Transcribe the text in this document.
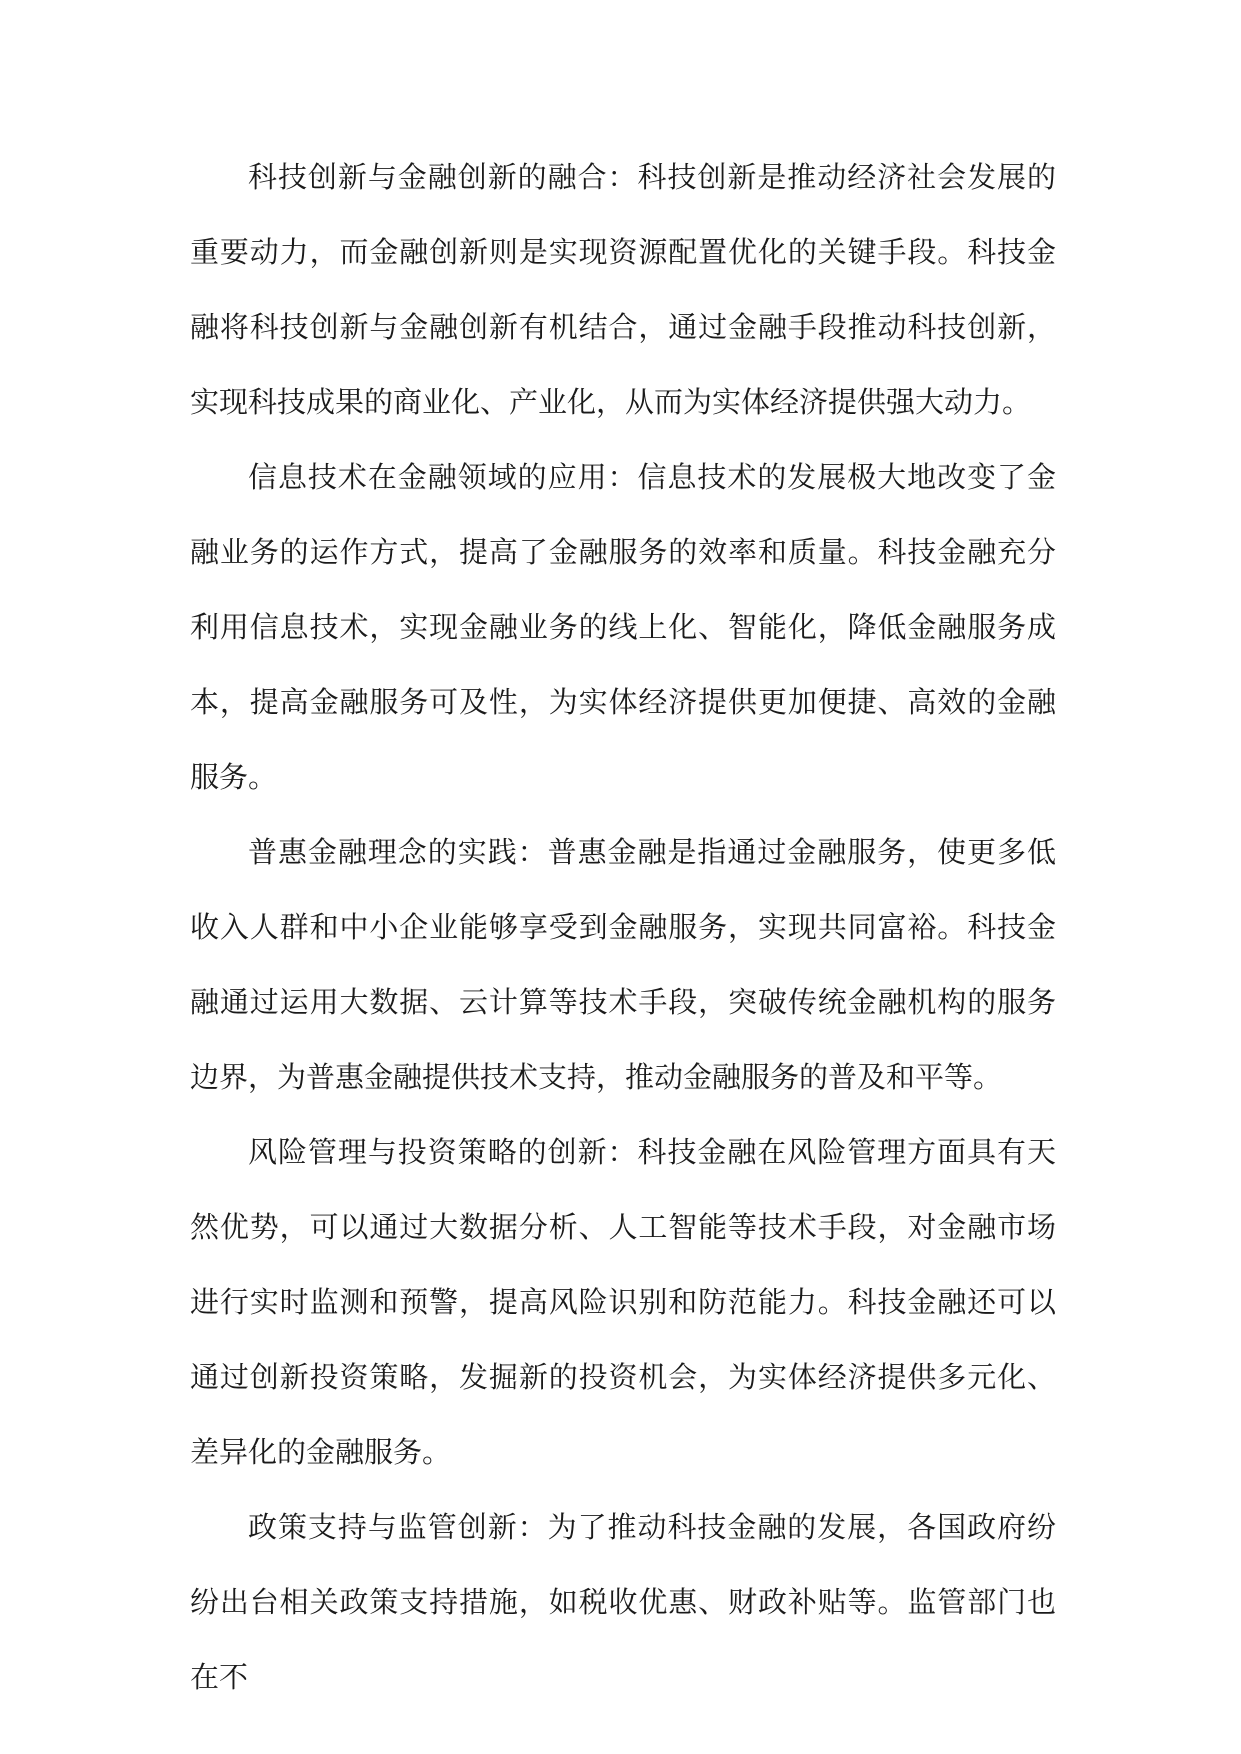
科技创新与金融创新的融合：科技创新是推动经济社会发展的重要动力，而金融创新则是实现资源配置优化的关键手段。科技金融将科技创新与金融创新有机结合，通过金融手段推动科技创新，实现科技成果的商业化、产业化，从而为实体经济提供强大动力。

信息技术在金融领域的应用：信息技术的发展极大地改变了金融业务的运作方式，提高了金融服务的效率和质量。科技金融充分利用信息技术，实现金融业务的线上化、智能化，降低金融服务成本，提高金融服务可及性，为实体经济提供更加便捷、高效的金融服务。

普惠金融理念的实践：普惠金融是指通过金融服务，使更多低收入人群和中小企业能够享受到金融服务，实现共同富裕。科技金融通过运用大数据、云计算等技术手段，突破传统金融机构的服务边界，为普惠金融提供技术支持，推动金融服务的普及和平等。

风险管理与投资策略的创新：科技金融在风险管理方面具有天然优势，可以通过大数据分析、人工智能等技术手段，对金融市场进行实时监测和预警，提高风险识别和防范能力。科技金融还可以通过创新投资策略，发掘新的投资机会，为实体经济提供多元化、差异化的金融服务。

政策支持与监管创新：为了推动科技金融的发展，各国政府纷纷出台相关政策支持措施，如税收优惠、财政补贴等。监管部门也在不
